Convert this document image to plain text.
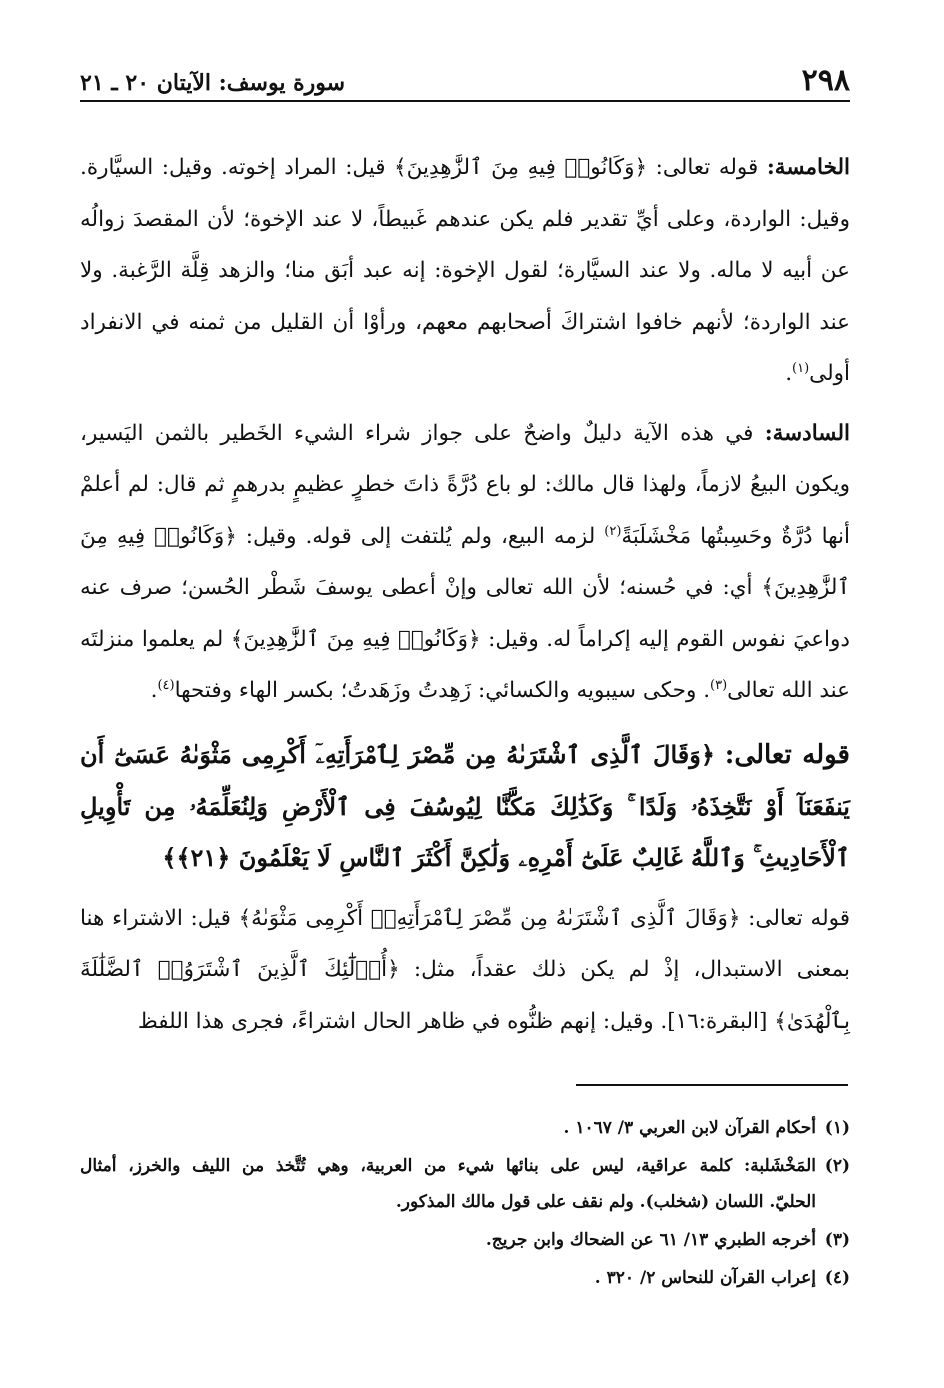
٢٩٨
سورة يوسف: الآيتان ٢٠ ـ ٢١

الخامسة: قوله تعالى: ﴿وَكَانُوا۟ فِيهِ مِنَ ٱلزَّٰهِدِينَ﴾ قيل: المراد إخوته. وقيل: السيَّارة. وقيل: الواردة، وعلى أيِّ تقدير فلم يكن عندهم غَبيطاً، لا عند الإخوة؛ لأن المقصدَ زوالُه عن أبيه لا ماله. ولا عند السيَّارة؛ لقول الإخوة: إنه عبد أبَق منا؛ والزهد قِلَّة الرَّغبة. ولا عند الواردة؛ لأنهم خافوا اشتراكَ أصحابهم معهم، ورأوْا أن القليل من ثمنه في الانفراد أولى$^{(١)}$.

السادسة: في هذه الآية دليلٌ واضحٌ على جواز شراء الشيء الخَطير بالثمن اليَسير، ويكون البيعُ لازماً، ولهذا قال مالك: لو باع دُرَّةً ذاتَ خطرٍ عظيمٍ بدرهمٍ ثم قال: لم أعلمْ أنها دُرَّةٌ وحَسِبتُها مَخْشَلَبَةً$^{(٢)}$ لزمه البيع، ولم يُلتفت إلى قوله. وقيل: ﴿وَكَانُوا۟ فِيهِ مِنَ ٱلزَّٰهِدِينَ﴾ أي: في حُسنه؛ لأن الله تعالى وإنْ أعطى يوسفَ شَطْر الحُسن؛ صرف عنه دواعيَ نفوس القوم إليه إكراماً له. وقيل: ﴿وَكَانُوا۟ فِيهِ مِنَ ٱلزَّٰهِدِينَ﴾ لم يعلموا منزلتَه عند الله تعالى$^{(٣)}$. وحكى سيبويه والكسائي: زَهِدتُ وزَهَدتُ؛ بكسر الهاء وفتحها$^{(٤)}$.

قوله تعالى: ﴿وَقَالَ ٱلَّذِى ٱشْتَرَىٰهُ مِن مِّصْرَ لِٱمْرَأَتِهِۦٓ أَكْرِمِى مَثْوَىٰهُ عَسَىٰٓ أَن يَنفَعَنَآ أَوْ نَتَّخِذَهُۥ وَلَدًا ۚ وَكَذَٰلِكَ مَكَّنَّا لِيُوسُفَ فِى ٱلْأَرْضِ وَلِنُعَلِّمَهُۥ مِن تَأْوِيلِ ٱلْأَحَادِيثِ ۚ وَٱللَّهُ غَالِبٌ عَلَىٰٓ أَمْرِهِۦ وَلَٰكِنَّ أَكْثَرَ ٱلنَّاسِ لَا يَعْلَمُونَ ﴿٢١﴾﴾

قوله تعالى: ﴿وَقَالَ ٱلَّذِى ٱشْتَرَىٰهُ مِن مِّصْرَ لِٱمْرَأَتِهِۦٓ أَكْرِمِى مَثْوَىٰهُ﴾ قيل: الاشتراء هنا بمعنى الاستبدال، إذْ لم يكن ذلك عقداً، مثل: ﴿أُو۟لَٰٓئِكَ ٱلَّذِينَ ٱشْتَرَوُا۟ ٱلضَّلَٰلَةَ بِٱلْهُدَىٰ﴾ [البقرة:١٦]. وقيل: إنهم ظنُّوه في ظاهر الحال اشتراءً، فجرى هذا اللفظ

(١)أحكام القرآن لابن العربي ٣/ ١٠٦٧ .

(٢)المَخْشَلبة: كلمة عراقية، ليس على بنائها شيء من العربية، وهي تُتَّخذ من الليف والخرز، أمثال الحليّ. اللسان (شخلب). ولم نقف على قول مالك المذكور.

(٣)أخرجه الطبري ١٣/ ٦١ عن الضحاك وابن جريج.

(٤)إعراب القرآن للنحاس ٢/ ٣٢٠ .
